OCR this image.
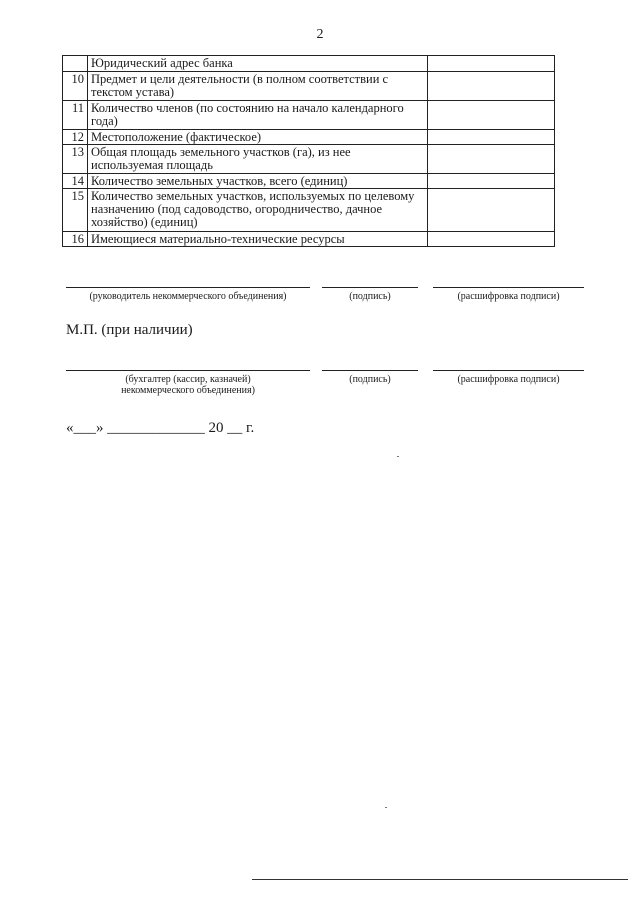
2
	Юридический адрес банка	
10	Предмет и цели деятельности (в полном соответствии с текстом устава)	
11	Количество членов (по состоянию на начало календарного года)	
12	Местоположение (фактическое)	
13	Общая площадь земельного участков (га), из нее используемая площадь	
14	Количество земельных участков, всего (единиц)	
15	Количество земельных участков, используемых по целевому назначению (под садоводство, огородничество, дачное хозяйство) (единиц)	
16	Имеющиеся материально-технические ресурсы	
(руководитель некоммерческого объединения)	(подпись)	(расшифровка подписи)
М.П. (при наличии)
(бухгалтер (кассир, казначей)
некоммерческого объединения)
(подпись)	(расшифровка подписи)
«___» _____________ 20 __ г.
